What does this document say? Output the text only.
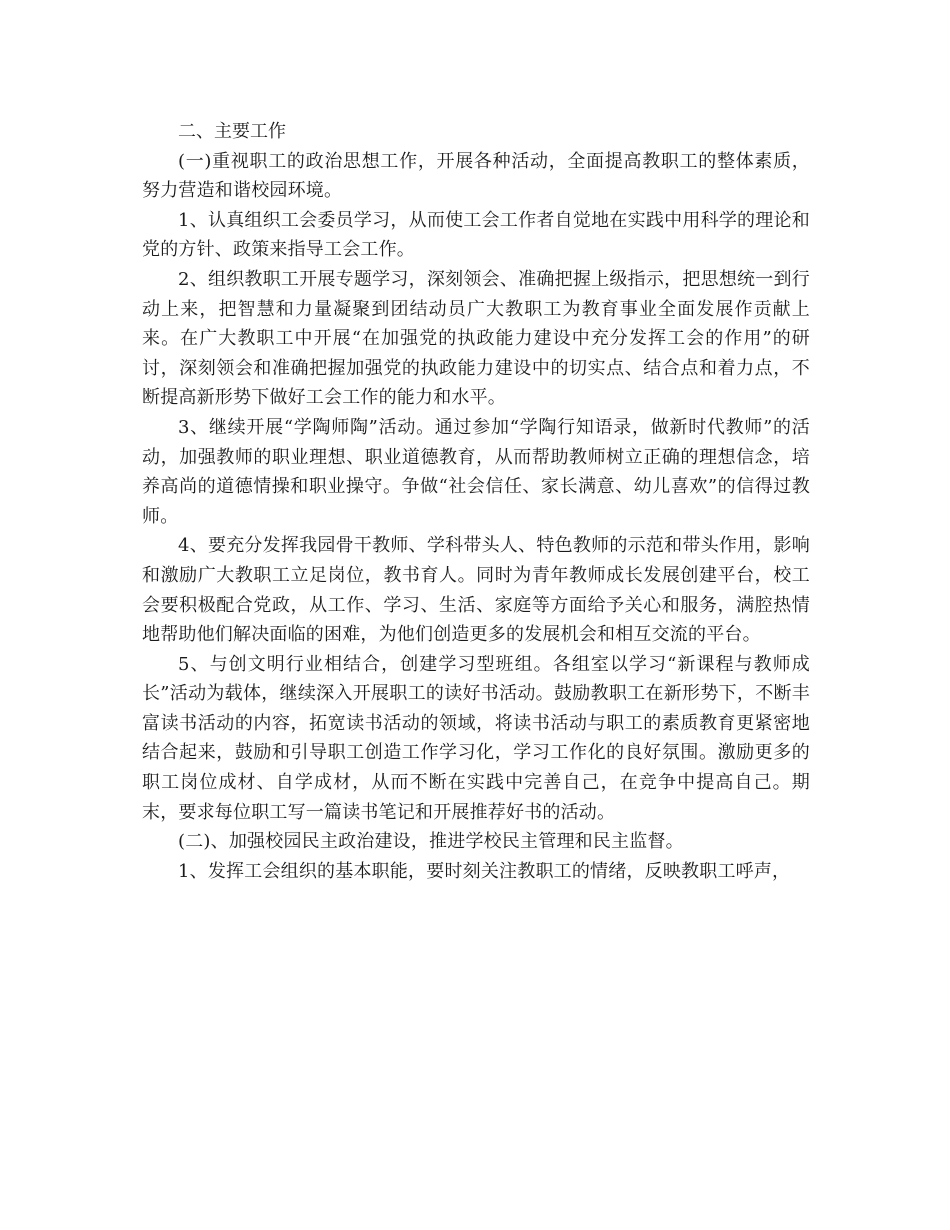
二、主要工作

(一)重视职工的政治思想工作，开展各种活动，全面提高教职工的整体素质，努力营造和谐校园环境。

1、认真组织工会委员学习，从而使工会工作者自觉地在实践中用科学的理论和党的方针、政策来指导工会工作。

2、组织教职工开展专题学习，深刻领会、准确把握上级指示，把思想统一到行动上来，把智慧和力量凝聚到团结动员广大教职工为教育事业全面发展作贡献上来。在广大教职工中开展“在加强党的执政能力建设中充分发挥工会的作用”的研讨，深刻领会和准确把握加强党的执政能力建设中的切实点、结合点和着力点，不断提高新形势下做好工会工作的能力和水平。

3、继续开展“学陶师陶”活动。通过参加“学陶行知语录，做新时代教师”的活动，加强教师的职业理想、职业道德教育，从而帮助教师树立正确的理想信念，培养高尚的道德情操和职业操守。争做“社会信任、家长满意、幼儿喜欢”的信得过教师。

4、要充分发挥我园骨干教师、学科带头人、特色教师的示范和带头作用，影响和激励广大教职工立足岗位，教书育人。同时为青年教师成长发展创建平台，校工会要积极配合党政，从工作、学习、生活、家庭等方面给予关心和服务，满腔热情地帮助他们解决面临的困难，为他们创造更多的发展机会和相互交流的平台。

5、与创文明行业相结合，创建学习型班组。各组室以学习“新课程与教师成长”活动为载体，继续深入开展职工的读好书活动。鼓励教职工在新形势下，不断丰富读书活动的内容，拓宽读书活动的领域，将读书活动与职工的素质教育更紧密地结合起来，鼓励和引导职工创造工作学习化，学习工作化的良好氛围。激励更多的职工岗位成材、自学成材，从而不断在实践中完善自己，在竞争中提高自己。期末，要求每位职工写一篇读书笔记和开展推荐好书的活动。

(二)、加强校园民主政治建设，推进学校民主管理和民主监督。

1、发挥工会组织的基本职能，要时刻关注教职工的情绪，反映教职工呼声，
